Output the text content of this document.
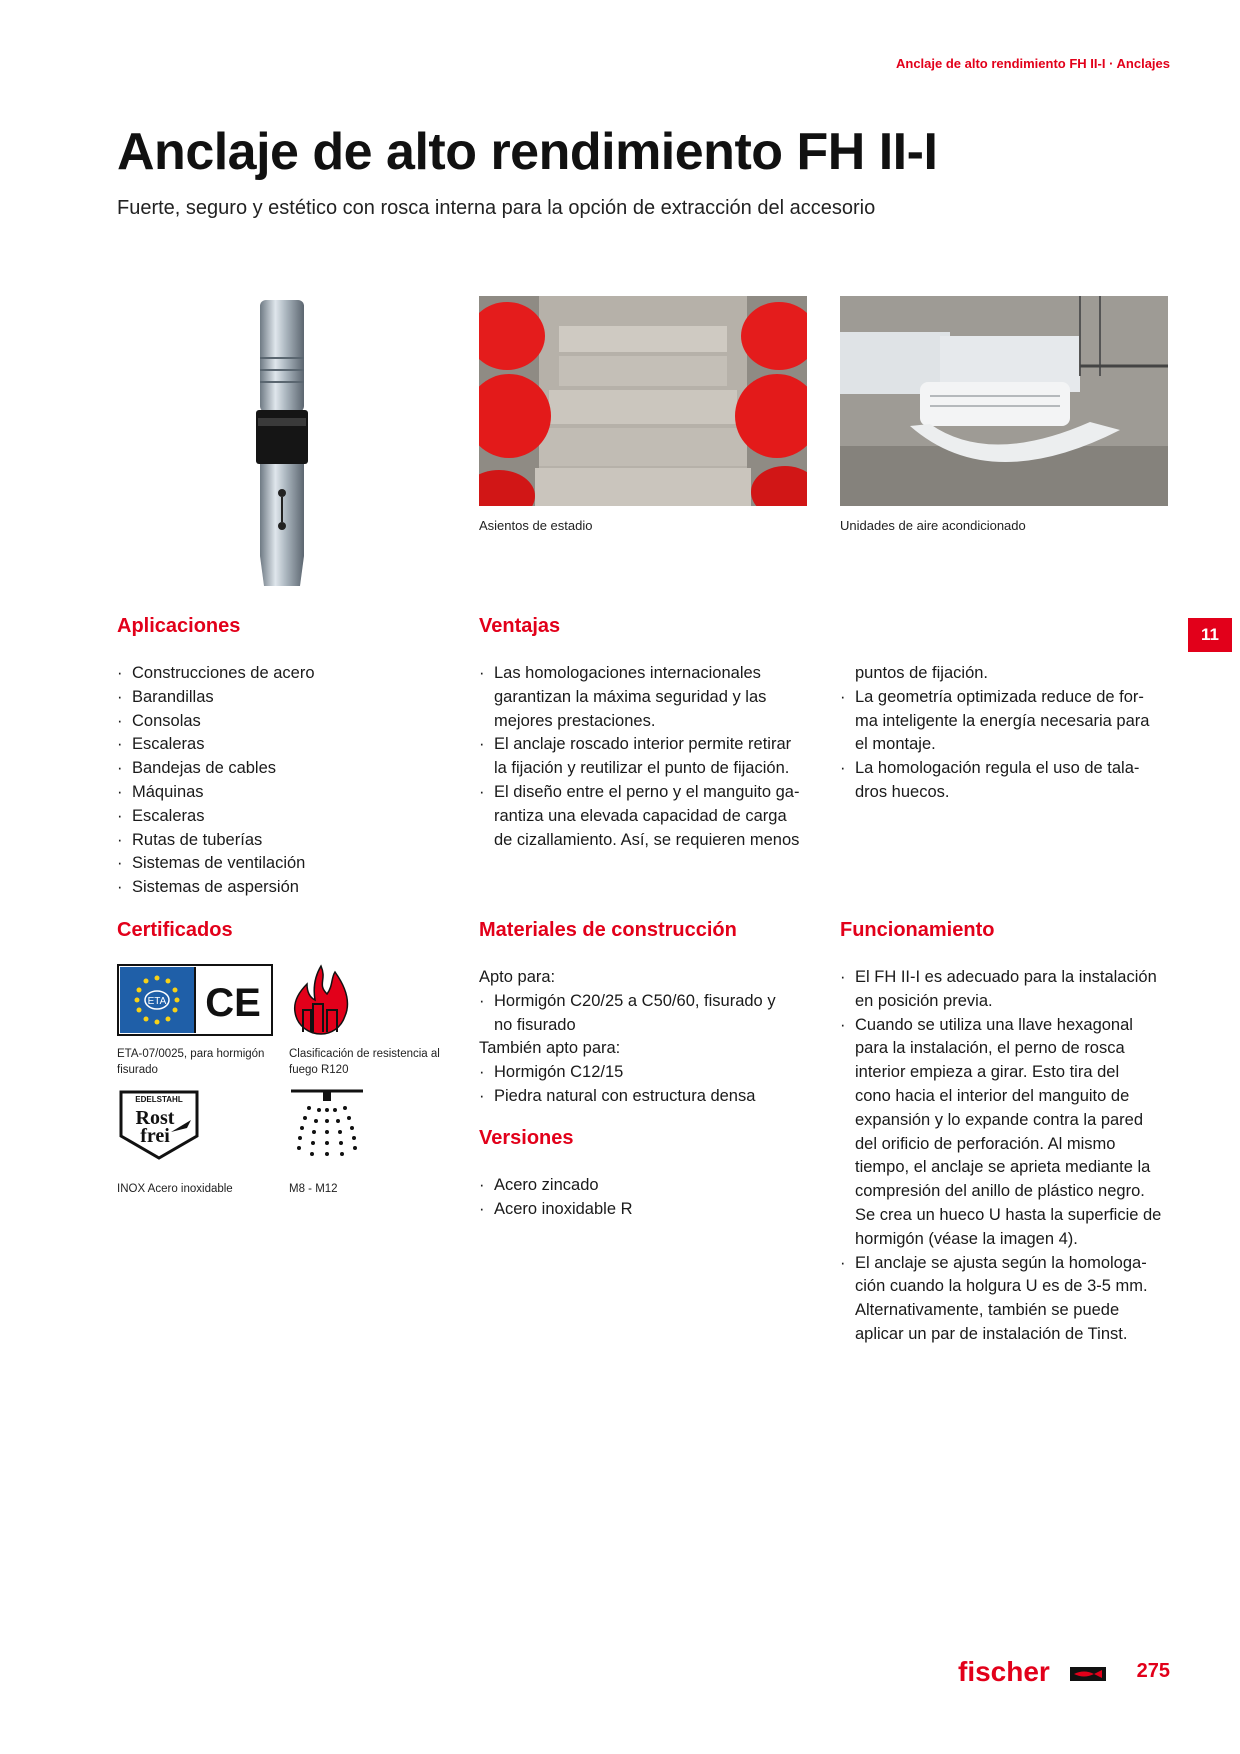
Anclaje de alto rendimiento FH II-I · Anclajes
Anclaje de alto rendimiento FH II-I
Fuerte, seguro y estético con rosca interna para la opción de extracción del accesorio
Asientos de estadio	Unidades de aire acondicionado
11
Aplicaciones
· Construcciones de acero
· Barandillas
· Consolas
· Escaleras
· Bandejas de cables
· Máquinas
· Escaleras
· Rutas de tuberías
· Sistemas de ventilación
· Sistemas de aspersión
Ventajas
· Las homologaciones internacionales
garantizan la máxima seguridad y las
mejores prestaciones.
· El anclaje roscado interior permite retirar
la fijación y reutilizar el punto de fijación.
· El diseño entre el perno y el manguito ga-
rantiza una elevada capacidad de carga
de cizallamiento. Así, se requieren menos
puntos de fijación.
· La geometría optimizada reduce de for-
ma inteligente la energía necesaria para
el montaje.
· La homologación regula el uso de tala-
dros huecos.
Certificados
ETA CE
ETA-07/0025, para hormigón
fisurado
Clasificación de resistencia al
fuego R120
EDELSTAHL
Rost
frei
INOX Acero inoxidable	M8 - M12
Materiales de construcción
Apto para:
· Hormigón C20/25 a C50/60, fisurado y
no fisurado
También apto para:
· Hormigón C12/15
· Piedra natural con estructura densa
Versiones
· Acero zincado
· Acero inoxidable R
Funcionamiento
· El FH II-I es adecuado para la instalación
en posición previa.
· Cuando se utiliza una llave hexagonal
para la instalación, el perno de rosca
interior empieza a girar. Esto tira del
cono hacia el interior del manguito de
expansión y lo expande contra la pared
del orificio de perforación. Al mismo
tiempo, el anclaje se aprieta mediante la
compresión del anillo de plástico negro.
Se crea un hueco U hasta la superficie de
hormigón (véase la imagen 4).
· El anclaje se ajusta según la homologa-
ción cuando la holgura U es de 3-5 mm.
Alternativamente, también se puede
aplicar un par de instalación de Tinst.
fischer	275
